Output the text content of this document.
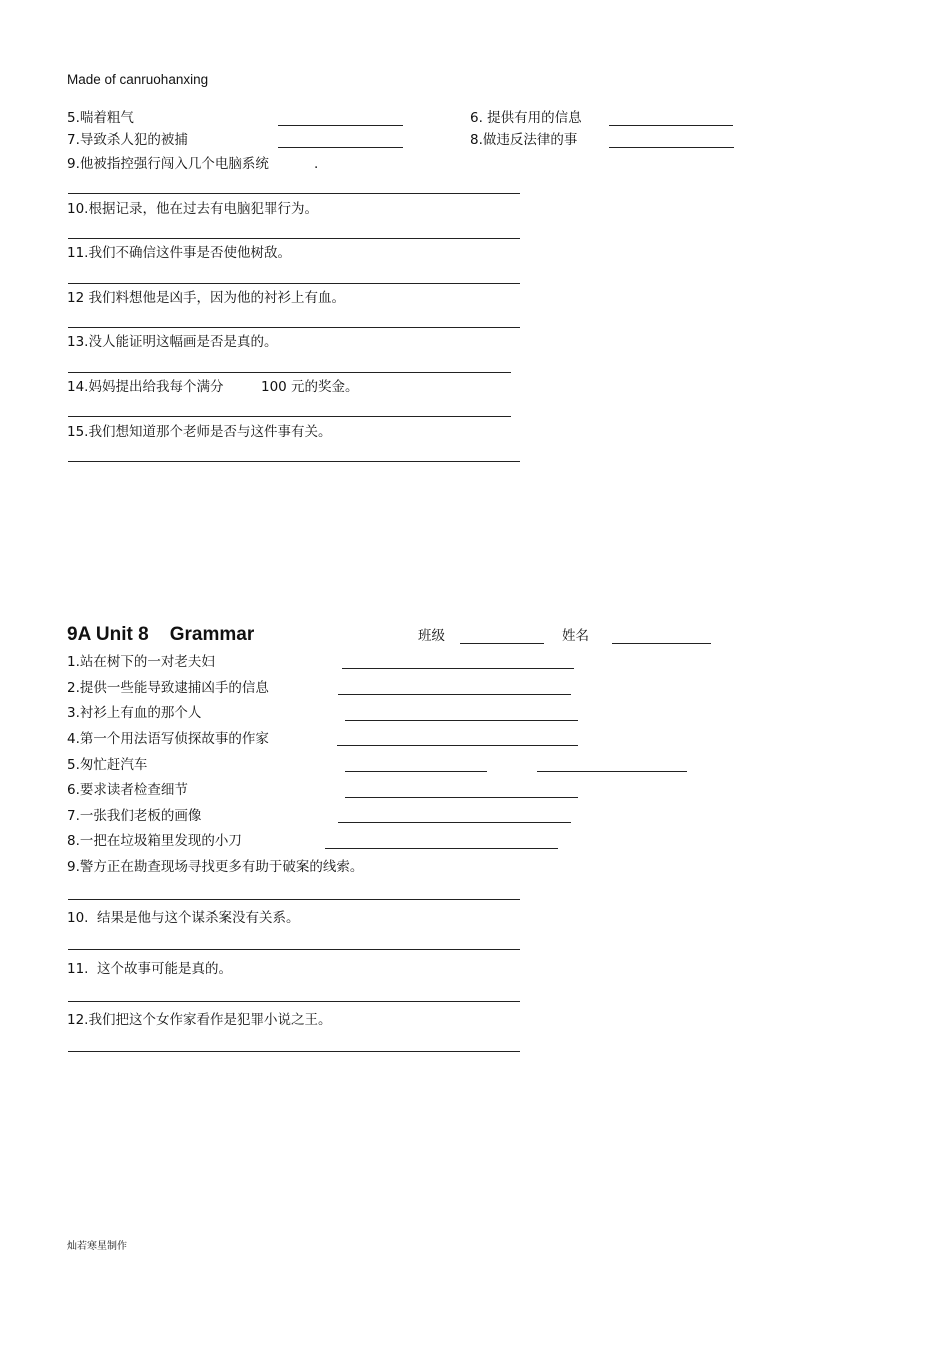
Made of canruohanxing
5.喘着粗气	6. 提供有用的信息
7.导致杀人犯的被捕	8.做违反法律的事
9.他被指控强行闯入几个电脑系统	.
10.根据记录，他在过去有电脑犯罪行为。
11.我们不确信这件事是否使他树敌。
12 我们料想他是凶手，因为他的衬衫上有血。
13.没人能证明这幅画是否是真的。
14.妈妈提出给我每个满分	100 元的奖金。
15.我们想知道那个老师是否与这件事有关。
9A Unit 8    Grammar	班级	姓名
1.站在树下的一对老夫妇
2.提供一些能导致逮捕凶手的信息
3.衬衫上有血的那个人
4.第一个用法语写侦探故事的作家
5.匆忙赶汽车
6.要求读者检查细节
7.一张我们老板的画像
8.一把在垃圾箱里发现的小刀
9.警方正在勘查现场寻找更多有助于破案的线索。
10.  结果是他与这个谋杀案没有关系。
11.  这个故事可能是真的。
12.我们把这个女作家看作是犯罪小说之王。
灿若寒星制作
